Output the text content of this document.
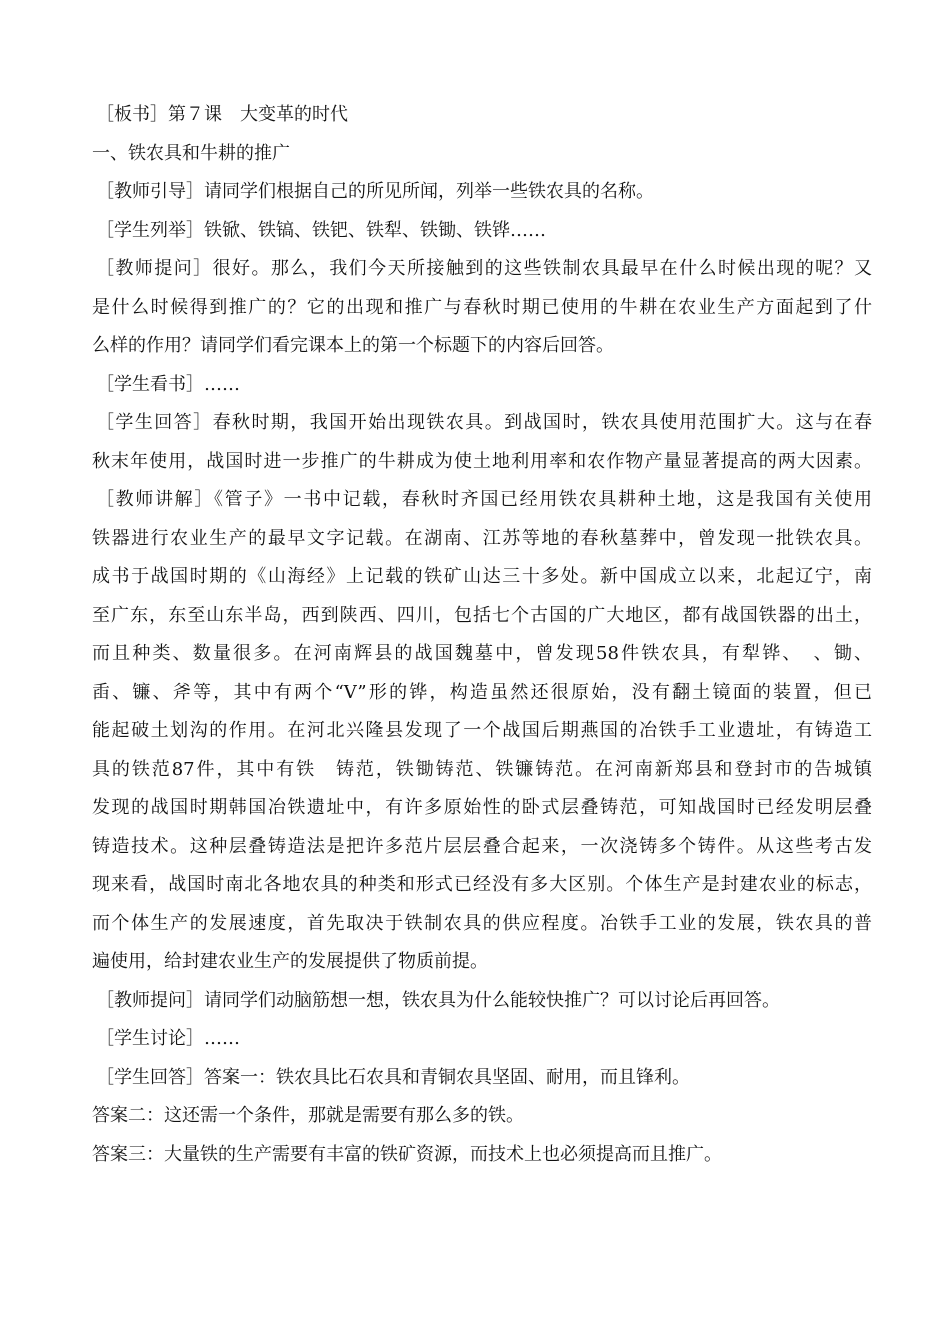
［板书］第７课　大变革的时代
一、铁农具和牛耕的推广
［教师引导］请同学们根据自己的所见所闻，列举一些铁农具的名称。
［学生列举］铁锨、铁镐、铁钯、铁犁、铁锄、铁铧……
［教师提问］很好。那么，我们今天所接触到的这些铁制农具最早在什么时候出现的呢？又
是什么时候得到推广的？它的出现和推广与春秋时期已使用的牛耕在农业生产方面起到了什
么样的作用？请同学们看完课本上的第一个标题下的内容后回答。
［学生看书］……
［学生回答］春秋时期，我国开始出现铁农具。到战国时，铁农具使用范围扩大。这与在春
秋末年使用，战国时进一步推广的牛耕成为使土地利用率和农作物产量显著提高的两大因素。
［教师讲解］《管子》一书中记载，春秋时齐国已经用铁农具耕种土地，这是我国有关使用
铁器进行农业生产的最早文字记载。在湖南、江苏等地的春秋墓葬中，曾发现一批铁农具。
成书于战国时期的《山海经》上记载的铁矿山达三十多处。新中国成立以来，北起辽宁，南
至广东，东至山东半岛，西到陕西、四川，包括七个古国的广大地区，都有战国铁器的出土，
而且种类、数量很多。在河南辉县的战国魏墓中，曾发现58件铁农具，有犁铧、　、锄、
臿、镰、斧等，其中有两个“V”形的铧，构造虽然还很原始，没有翻土镜面的装置，但已
能起破土划沟的作用。在河北兴隆县发现了一个战国后期燕国的冶铁手工业遗址，有铸造工
具的铁范87件，其中有铁　铸范，铁锄铸范、铁镰铸范。在河南新郑县和登封市的告城镇
发现的战国时期韩国冶铁遗址中，有许多原始性的卧式层叠铸范，可知战国时已经发明层叠
铸造技术。这种层叠铸造法是把许多范片层层叠合起来，一次浇铸多个铸件。从这些考古发
现来看，战国时南北各地农具的种类和形式已经没有多大区别。个体生产是封建农业的标志，
而个体生产的发展速度，首先取决于铁制农具的供应程度。冶铁手工业的发展，铁农具的普
遍使用，给封建农业生产的发展提供了物质前提。
［教师提问］请同学们动脑筋想一想，铁农具为什么能较快推广？可以讨论后再回答。
［学生讨论］……
［学生回答］答案一：铁农具比石农具和青铜农具坚固、耐用，而且锋利。
答案二：这还需一个条件，那就是需要有那么多的铁。
答案三：大量铁的生产需要有丰富的铁矿资源，而技术上也必须提高而且推广。
